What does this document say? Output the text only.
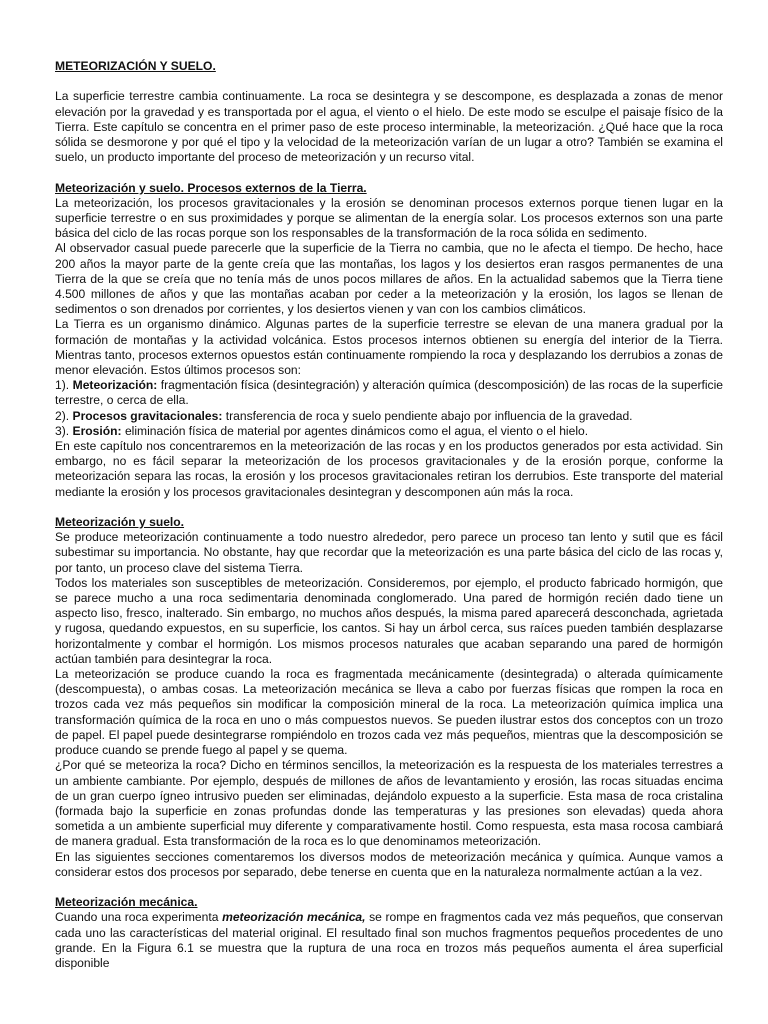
METEORIZACIÓN Y SUELO.

La superficie terrestre cambia continuamente. La roca se desintegra y se descompone, es desplazada a zonas de menor elevación por la gravedad y es transportada por el agua, el viento o el hielo. De este modo se esculpe el paisaje físico de la Tierra. Este capítulo se concentra en el primer paso de este proceso interminable, la meteorización. ¿Qué hace que la roca sólida se desmorone y por qué el tipo y la velocidad de la meteorización varían de un lugar a otro? También se examina el suelo, un producto importante del proceso de meteorización y un recurso vital.

Meteorización y suelo. Procesos externos de la Tierra.

La meteorización, los procesos gravitacionales y la erosión se denominan procesos externos porque tienen lugar en la superficie terrestre o en sus proximidades y porque se alimentan de la energía solar. Los procesos externos son una parte básica del ciclo de las rocas porque son los responsables de la transformación de la roca sólida en sedimento.

Al observador casual puede parecerle que la superficie de la Tierra no cambia, que no le afecta el tiempo. De hecho, hace 200 años la mayor parte de la gente creía que las montañas, los lagos y los desiertos eran rasgos permanentes de una Tierra de la que se creía que no tenía más de unos pocos millares de años. En la actualidad sabemos que la Tierra tiene 4.500 millones de años y que las montañas acaban por ceder a la meteorización y la erosión, los lagos se llenan de sedimentos o son drenados por corrientes, y los desiertos vienen y van con los cambios climáticos.

La Tierra es un organismo dinámico. Algunas partes de la superficie terrestre se elevan de una manera gradual por la formación de montañas y la actividad volcánica. Estos procesos internos obtienen su energía del interior de la Tierra. Mientras tanto, procesos externos opuestos están continuamente rompiendo la roca y desplazando los derrubios a zonas de menor elevación. Estos últimos procesos son:

1). Meteorización: fragmentación física (desintegración) y alteración química (descomposición) de las rocas de la superficie terrestre, o cerca de ella.

2). Procesos gravitacionales: transferencia de roca y suelo pendiente abajo por influencia de la gravedad.

3). Erosión: eliminación física de material por agentes dinámicos como el agua, el viento o el hielo.

En este capítulo nos concentraremos en la meteorización de las rocas y en los productos generados por esta actividad. Sin embargo, no es fácil separar la meteorización de los procesos gravitacionales y de la erosión porque, conforme la meteorización separa las rocas, la erosión y los procesos gravitacionales retiran los derrubios. Este transporte del material mediante la erosión y los procesos gravitacionales desintegran y descomponen aún más la roca.

Meteorización y suelo.

Se produce meteorización continuamente a todo nuestro alrededor, pero parece un proceso tan lento y sutil que es fácil subestimar su importancia. No obstante, hay que recordar que la meteorización es una parte básica del ciclo de las rocas y, por tanto, un proceso clave del sistema Tierra.

Todos los materiales son susceptibles de meteorización. Consideremos, por ejemplo, el producto fabricado hormigón, que se parece mucho a una roca sedimentaria denominada conglomerado. Una pared de hormigón recién dado tiene un aspecto liso, fresco, inalterado. Sin embargo, no muchos años después, la misma pared aparecerá desconchada, agrietada y rugosa, quedando expuestos, en su superficie, los cantos. Si hay un árbol cerca, sus raíces pueden también desplazarse horizontalmente y combar el hormigón. Los mismos procesos naturales que acaban separando una pared de hormigón actúan también para desintegrar la roca.

La meteorización se produce cuando la roca es fragmentada mecánicamente (desintegrada) o alterada químicamente (descompuesta), o ambas cosas. La meteorización mecánica se lleva a cabo por fuerzas físicas que rompen la roca en trozos cada vez más pequeños sin modificar la composición mineral de la roca. La meteorización química implica una transformación química de la roca en uno o más compuestos nuevos. Se pueden ilustrar estos dos conceptos con un trozo de papel. El papel puede desintegrarse rompiéndolo en trozos cada vez más pequeños, mientras que la descomposición se produce cuando se prende fuego al papel y se quema.

¿Por qué se meteoriza la roca? Dicho en términos sencillos, la meteorización es la respuesta de los materiales terrestres a un ambiente cambiante. Por ejemplo, después de millones de años de levantamiento y erosión, las rocas situadas encima de un gran cuerpo ígneo intrusivo pueden ser eliminadas, dejándolo expuesto a la superficie. Esta masa de roca cristalina (formada bajo la superficie en zonas profundas donde las temperaturas y las presiones son elevadas) queda ahora sometida a un ambiente superficial muy diferente y comparativamente hostil. Como respuesta, esta masa rocosa cambiará de manera gradual. Esta transformación de la roca es lo que denominamos meteorización.

En las siguientes secciones comentaremos los diversos modos de meteorización mecánica y química. Aunque vamos a considerar estos dos procesos por separado, debe tenerse en cuenta que en la naturaleza normalmente actúan a la vez.

Meteorización mecánica.

Cuando una roca experimenta meteorización mecánica, se rompe en fragmentos cada vez más pequeños, que conservan cada uno las características del material original. El resultado final son muchos fragmentos pequeños procedentes de uno grande. En la Figura 6.1 se muestra que la ruptura de una roca en trozos más pequeños aumenta el área superficial disponible
